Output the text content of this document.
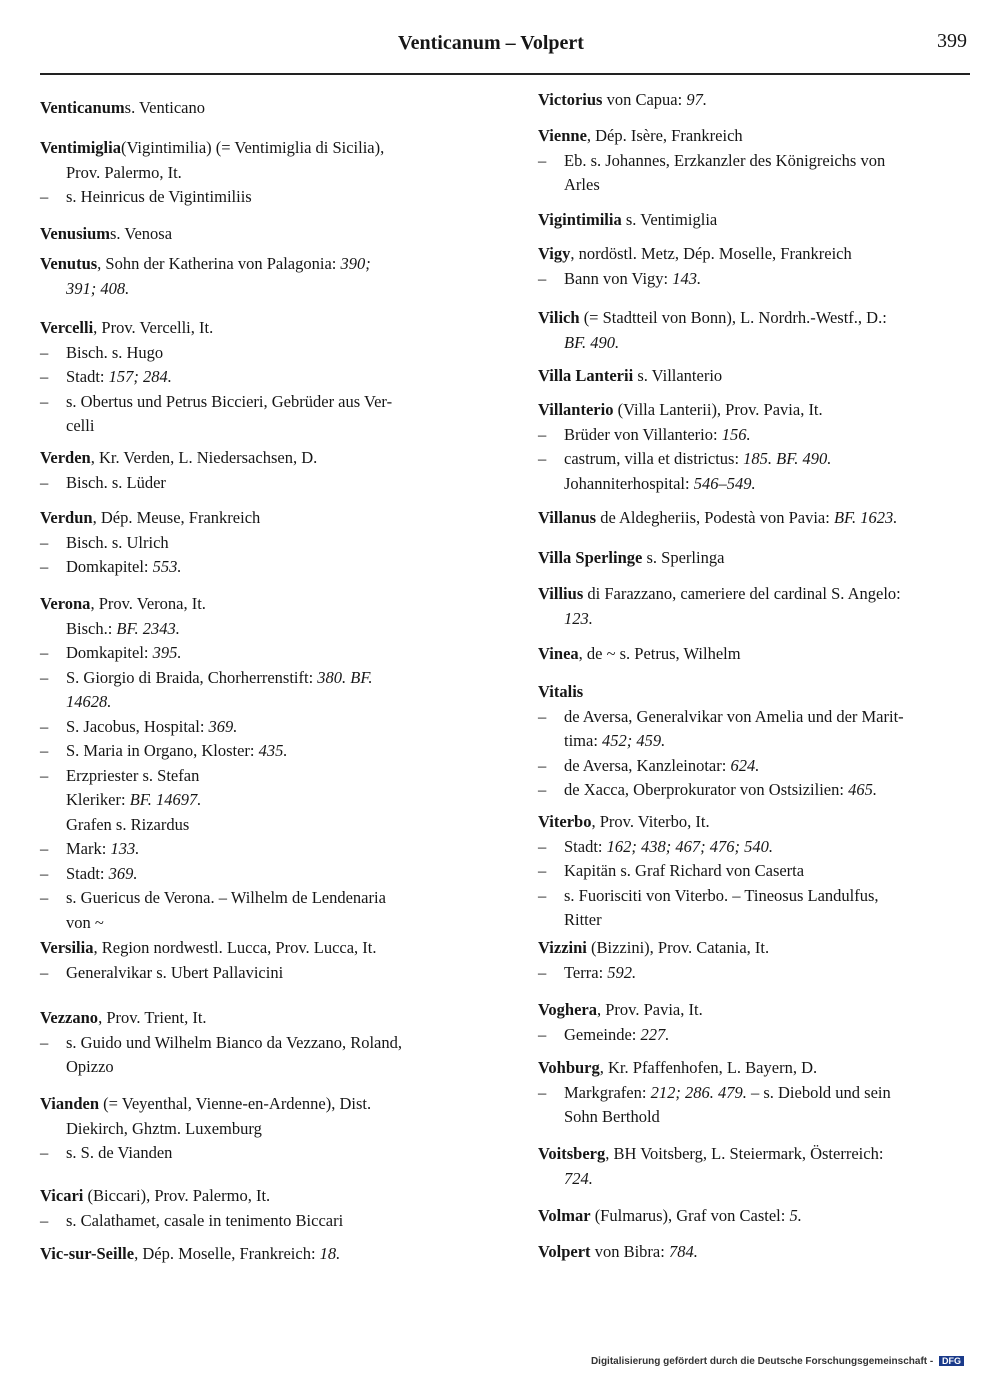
Venticanum – Volpert	399
Venticanums. Venticano
Ventimiglia(Vigintimilia) (= Ventimiglia di Sicilia),
Prov. Palermo, It.
– s. Heinricus de Vigintimiliis
Venusiums. Venosa
Venutus, Sohn der Katherina von Palagonia: 390;
391; 408.
Vercelli, Prov. Vercelli, It.
– Bisch. s. Hugo
– Stadt: 157; 284.
– s. Obertus und Petrus Biccieri, Gebrüder aus Ver-
celli
Verden, Kr. Verden, L. Niedersachsen, D.
– Bisch. s. Lüder
Verdun, Dép. Meuse, Frankreich
– Bisch. s. Ulrich
– Domkapitel: 553.
Verona, Prov. Verona, It.
Bisch.: BF. 2343.
– Domkapitel: 395.
– S. Giorgio di Braida, Chorherrenstift: 380. BF.
14628.
– S. Jacobus, Hospital: 369.
– S. Maria in Organo, Kloster: 435.
– Erzpriester s. Stefan
Kleriker: BF. 14697.
Grafen s. Rizardus
– Mark: 133.
– Stadt: 369.
– s. Guericus de Verona. – Wilhelm de Lendenaria
von ~
Versilia, Region nordwestl. Lucca, Prov. Lucca, It.
– Generalvikar s. Ubert Pallavicini
Vezzano, Prov. Trient, It.
– s. Guido und Wilhelm Bianco da Vezzano, Roland,
Opizzo
Vianden (= Veyenthal, Vienne-en-Ardenne), Dist.
Diekirch, Ghztm. Luxemburg
– s. S. de Vianden
Vicari (Biccari), Prov. Palermo, It.
– s. Calathamet, casale in tenimento Biccari
Vic-sur-Seille, Dép. Moselle, Frankreich: 18.
Victorius von Capua: 97.
Vienne, Dép. Isère, Frankreich
– Eb. s. Johannes, Erzkanzler des Königreichs von
Arles
Vigintimilia s. Ventimiglia
Vigy, nordöstl. Metz, Dép. Moselle, Frankreich
– Bann von Vigy: 143.
Vilich (= Stadtteil von Bonn), L. Nordrh.-Westf., D.:
BF. 490.
Villa Lanterii s. Villanterio
Villanterio (Villa Lanterii), Prov. Pavia, It.
– Brüder von Villanterio: 156.
– castrum, villa et districtus: 185. BF. 490.
Johanniterhospital: 546–549.
Villanus de Aldegheriis, Podestà von Pavia: BF. 1623.
Villa Sperlinge s. Sperlinga
Villius di Farazzano, cameriere del cardinal S. Angelo:
123.
Vinea, de ~ s. Petrus, Wilhelm
Vitalis
– de Aversa, Generalvikar von Amelia und der Marit-
tima: 452; 459.
– de Aversa, Kanzleinotar: 624.
– de Xacca, Oberprokurator von Ostsizilien: 465.
Viterbo, Prov. Viterbo, It.
– Stadt: 162; 438; 467; 476; 540.
– Kapitän s. Graf Richard von Caserta
– s. Fuorisciti von Viterbo. – Tineosus Landulfus,
Ritter
Vizzini (Bizzini), Prov. Catania, It.
– Terra: 592.
Voghera, Prov. Pavia, It.
– Gemeinde: 227.
Vohburg, Kr. Pfaffenhofen, L. Bayern, D.
– Markgrafen: 212; 286. 479. – s. Diebold und sein
Sohn Berthold
Voitsberg, BH Voitsberg, L. Steiermark, Österreich:
724.
Volmar (Fulmarus), Graf von Castel: 5.
Volpert von Bibra: 784.
Digitalisierung gefördert durch die Deutsche Forschungsgemeinschaft - DFG
